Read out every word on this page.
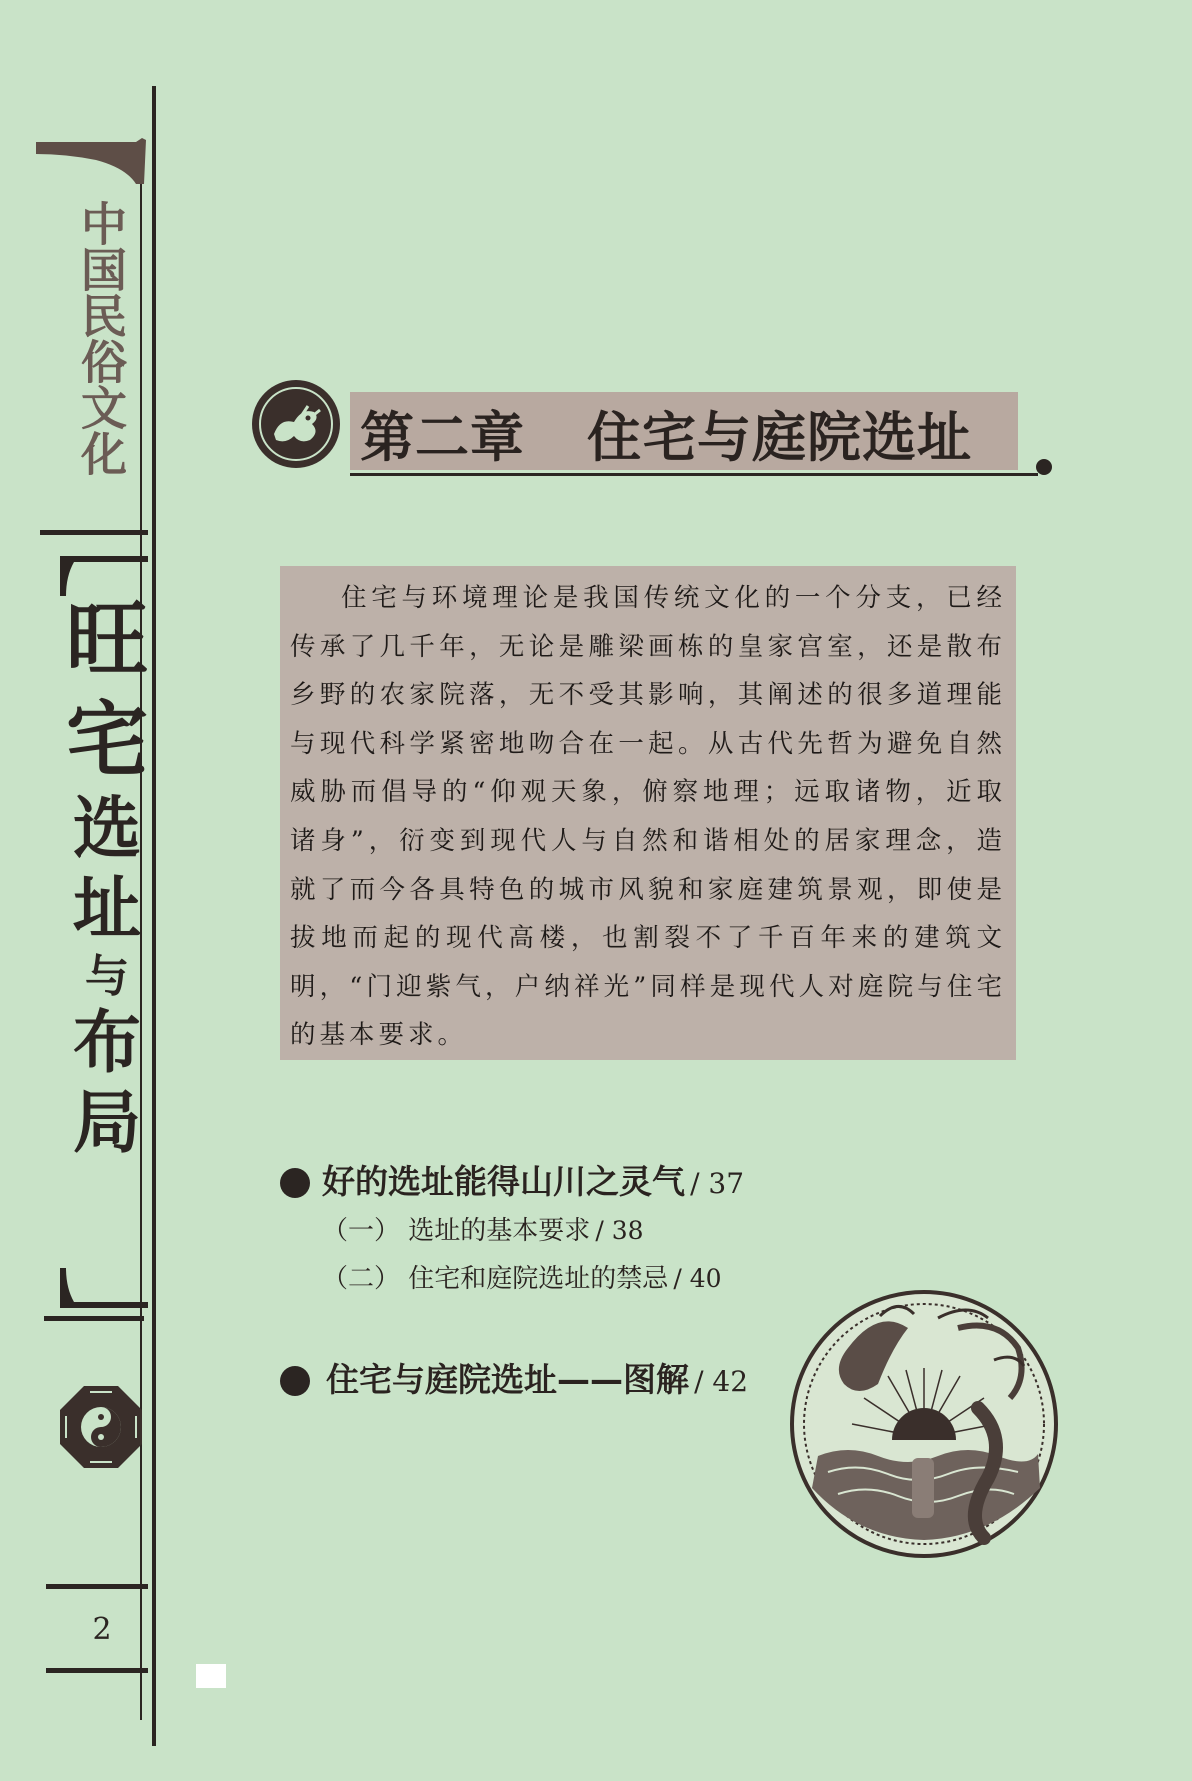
中国民俗文化
旺
宅
选
址
与
布
局
2
第二章 住宅与庭院选址

住宅与环境理论是我国传统文化的一个分支，已经传承了几千年，无论是雕梁画栋的皇家宫室，还是散布乡野的农家院落，无不受其影响，其阐述的很多道理能与现代科学紧密地吻合在一起。从古代先哲为避免自然威胁而倡导的“仰观天象，俯察地理；远取诸物，近取诸身”，衍变到现代人与自然和谐相处的居家理念，造就了而今各具特色的城市风貌和家庭建筑景观，即使是拔地而起的现代高楼，也割裂不了千百年来的建筑文明，“门迎紫气，户纳祥光”同样是现代人对庭院与住宅的基本要求。

好的选址能得山川之灵气 / 37
（一） 选址的基本要求 / 38
（二） 住宅和庭院选址的禁忌 / 40
住宅与庭院选址——图解 / 42
